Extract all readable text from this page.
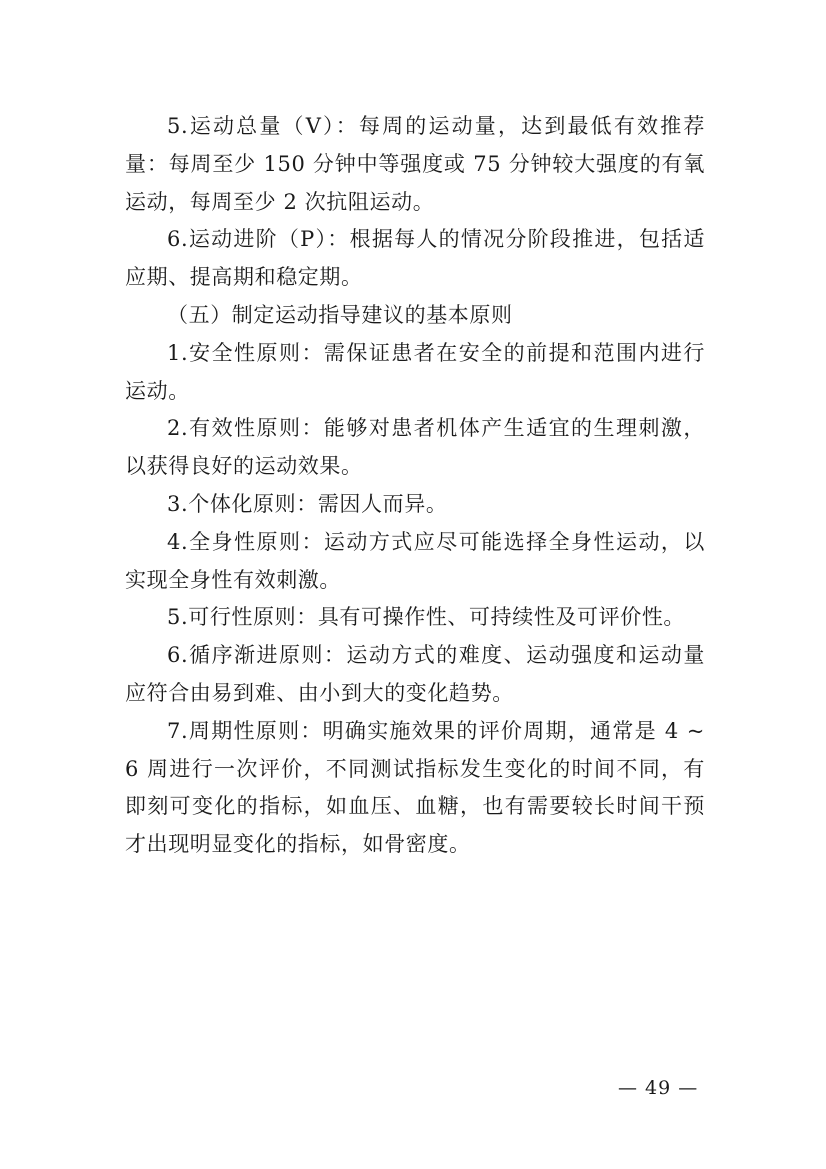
5.运动总量（V）：每周的运动量，达到最低有效推荐量：每周至少 150 分钟中等强度或 75 分钟较大强度的有氧运动，每周至少 2 次抗阻运动。

6.运动进阶（P）：根据每人的情况分阶段推进，包括适应期、提高期和稳定期。

（五）制定运动指导建议的基本原则

1.安全性原则：需保证患者在安全的前提和范围内进行运动。

2.有效性原则：能够对患者机体产生适宜的生理刺激，以获得良好的运动效果。

3.个体化原则：需因人而异。

4.全身性原则：运动方式应尽可能选择全身性运动，以实现全身性有效刺激。

5.可行性原则：具有可操作性、可持续性及可评价性。

6.循序渐进原则：运动方式的难度、运动强度和运动量应符合由易到难、由小到大的变化趋势。

7.周期性原则：明确实施效果的评价周期，通常是 4 ~ 6 周进行一次评价，不同测试指标发生变化的时间不同，有即刻可变化的指标，如血压、血糖，也有需要较长时间干预才出现明显变化的指标，如骨密度。

— 49 —
